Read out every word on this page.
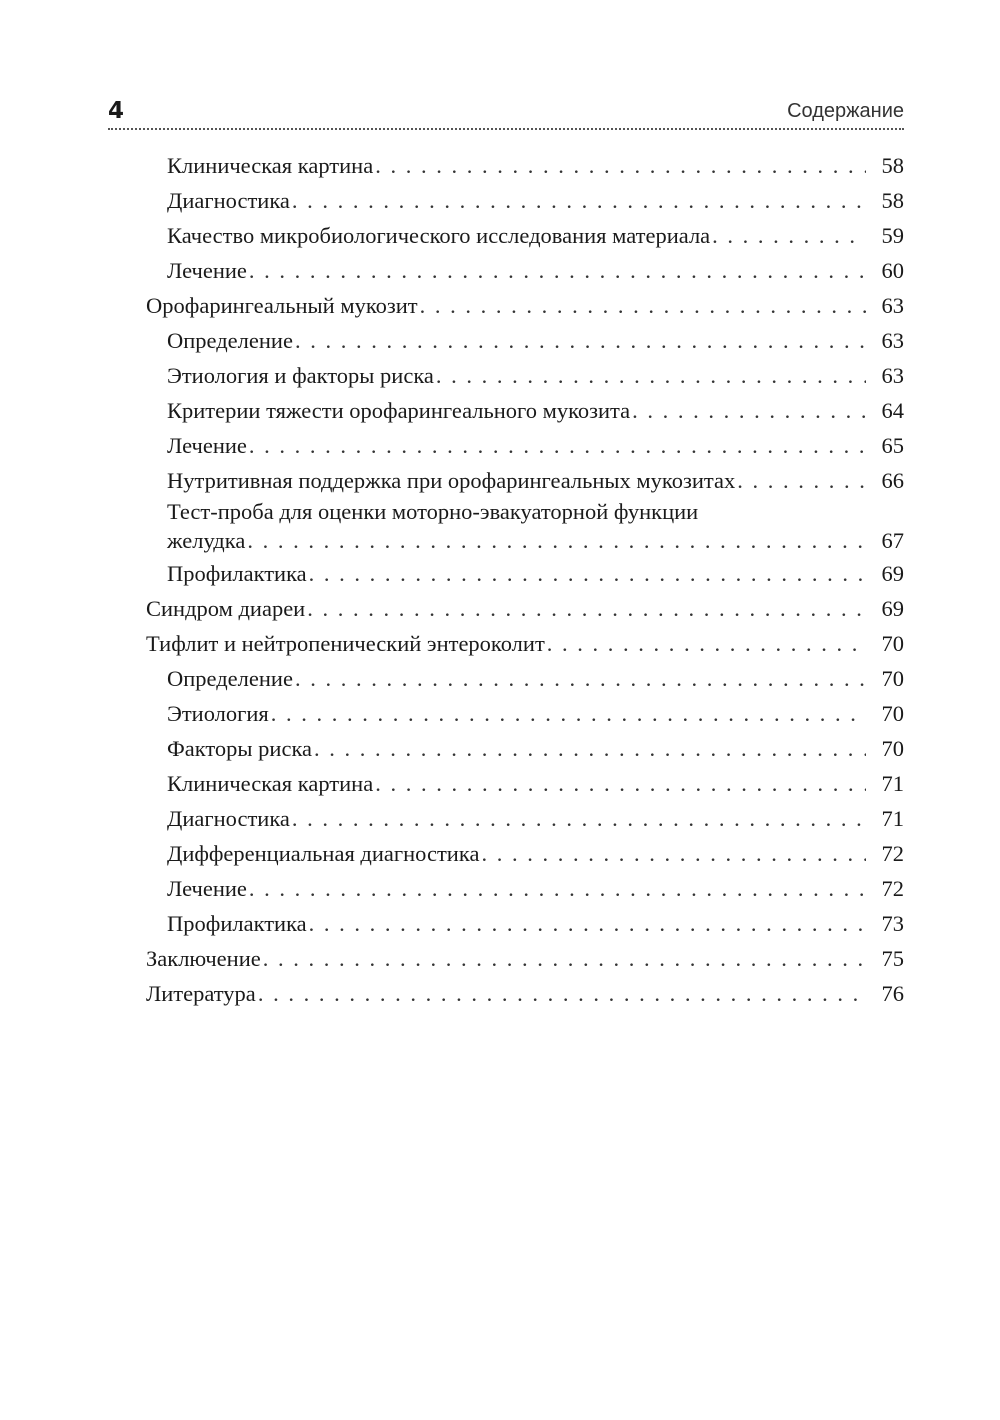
4	Содержание
Клиническая картина . . .	58
Диагностика . . .	58
Качество микробиологического исследования материала . . .	59
Лечение . . .	60
Орофарингеальный мукозит . . .	63
Определение . . .	63
Этиология и факторы риска . . .	63
Критерии тяжести орофарингеального мукозита . . .	64
Лечение . . .	65
Нутритивная поддержка при орофарингеальных мукозитах . . .	66
Тест-проба для оценки моторно-эвакуаторной функции
желудка . . .	67
Профилактика . . .	69
Синдром диареи . . .	69
Тифлит и нейтропенический энтероколит . . .	70
Определение . . .	70
Этиология . . .	70
Факторы риска . . .	70
Клиническая картина . . .	71
Диагностика . . .	71
Дифференциальная диагностика . . .	72
Лечение . . .	72
Профилактика . . .	73
Заключение . . .	75
Литература . . .	76
